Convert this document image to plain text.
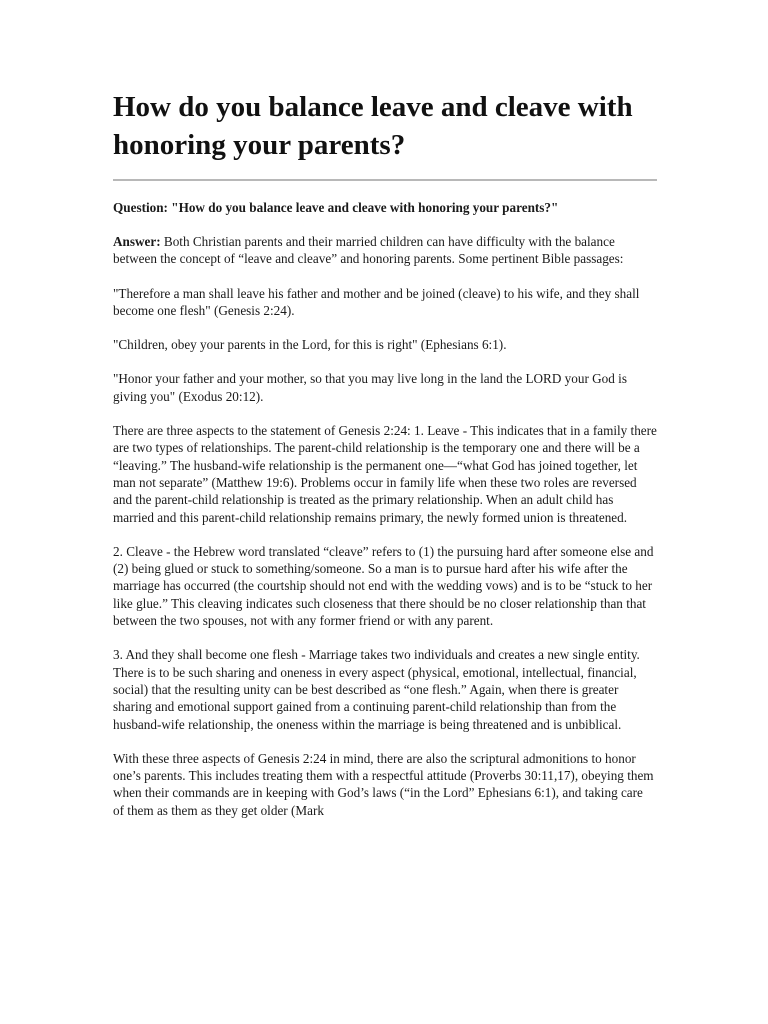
How do you balance leave and cleave with honoring your parents?

Question: "How do you balance leave and cleave with honoring your parents?"

Answer: Both Christian parents and their married children can have difficulty with the balance between the concept of “leave and cleave” and honoring parents. Some pertinent Bible passages:

"Therefore a man shall leave his father and mother and be joined (cleave) to his wife, and they shall become one flesh" (Genesis 2:24).

"Children, obey your parents in the Lord, for this is right" (Ephesians 6:1).

"Honor your father and your mother, so that you may live long in the land the LORD your God is giving you" (Exodus 20:12).

There are three aspects to the statement of Genesis 2:24: 1. Leave - This indicates that in a family there are two types of relationships. The parent-child relationship is the temporary one and there will be a “leaving.” The husband-wife relationship is the permanent one—“what God has joined together, let man not separate” (Matthew 19:6). Problems occur in family life when these two roles are reversed and the parent-child relationship is treated as the primary relationship. When an adult child has married and this parent-child relationship remains primary, the newly formed union is threatened.

2. Cleave - the Hebrew word translated “cleave” refers to (1) the pursuing hard after someone else and (2) being glued or stuck to something/someone. So a man is to pursue hard after his wife after the marriage has occurred (the courtship should not end with the wedding vows) and is to be “stuck to her like glue.” This cleaving indicates such closeness that there should be no closer relationship than that between the two spouses, not with any former friend or with any parent.

3. And they shall become one flesh - Marriage takes two individuals and creates a new single entity. There is to be such sharing and oneness in every aspect (physical, emotional, intellectual, financial, social) that the resulting unity can be best described as “one flesh.” Again, when there is greater sharing and emotional support gained from a continuing parent-child relationship than from the husband-wife relationship, the oneness within the marriage is being threatened and is unbiblical.

With these three aspects of Genesis 2:24 in mind, there are also the scriptural admonitions to honor one’s parents. This includes treating them with a respectful attitude (Proverbs 30:11,17), obeying them when their commands are in keeping with God’s laws (“in the Lord” Ephesians 6:1), and taking care of them as them as they get older (Mark
